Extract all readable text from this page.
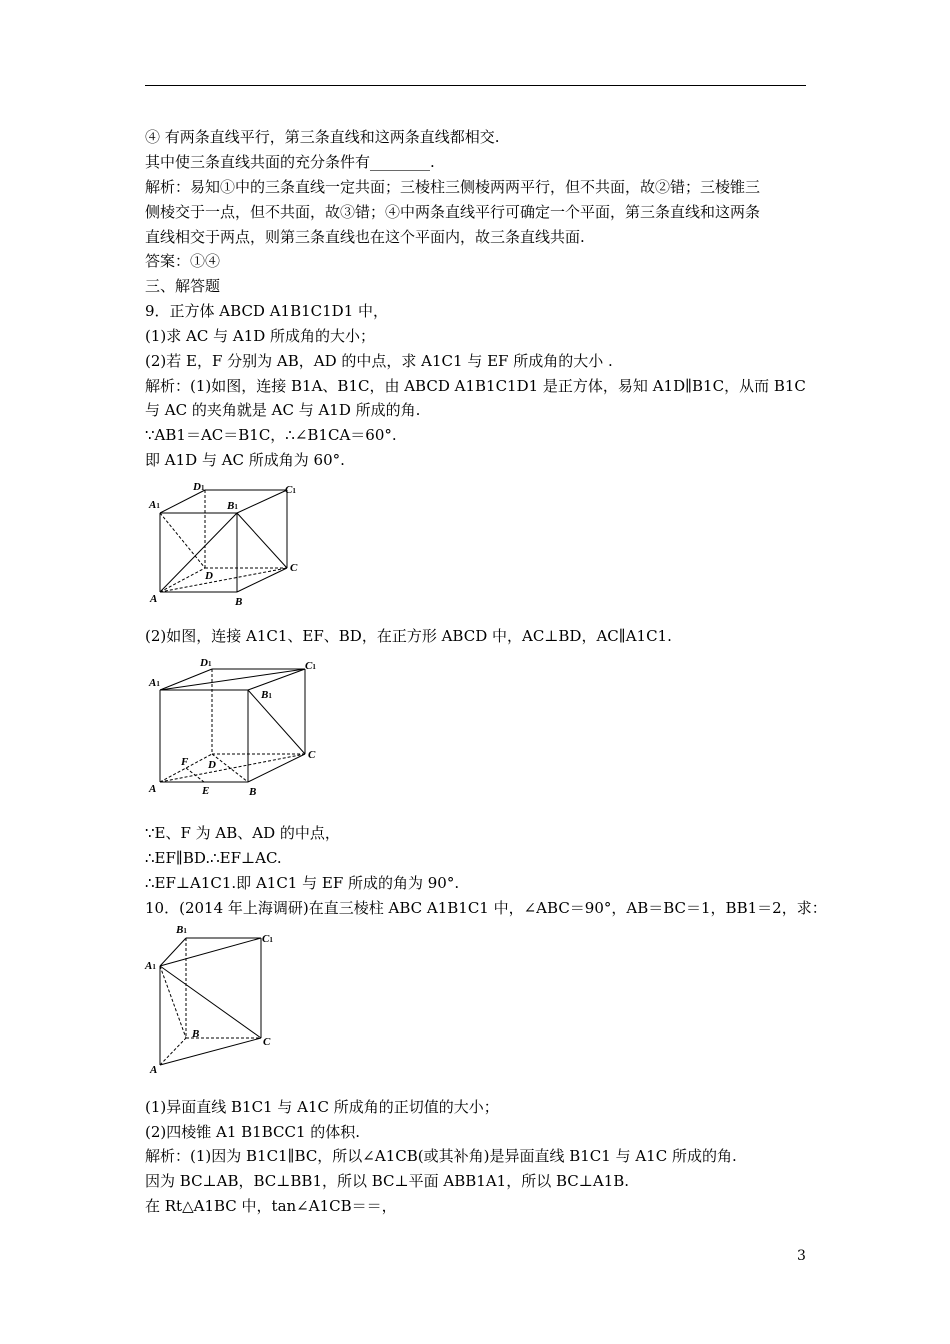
④ 有两条直线平行，第三条直线和这两条直线都相交.
其中使三条直线共面的充分条件有________.
解析：易知①中的三条直线一定共面；三棱柱三侧棱两两平行，但不共面，故②错；三棱锥三
侧棱交于一点，但不共面，故③错；④中两条直线平行可确定一个平面，第三条直线和这两条
直线相交于两点，则第三条直线也在这个平面内，故三条直线共面.
答案：①④
三、解答题
9．正方体 ABCD A1B1C1D1 中，
(1)求 AC 与 A1D 所成角的大小；
(2)若 E，F 分别为 AB，AD 的中点，求 A1C1 与 EF 所成角的大小 .
解析：(1)如图，连接 B1A、B1C，由 ABCD A1B1C1D1 是正方体，易知 A1D∥B1C，从而 B1C
与 AC 的夹角就是 AC 与 A1D 所成的角.
∵AB1＝AC＝B1C，∴∠B1CA＝60°.
即 A1D 与 AC 所成角为 60°.
A1
D1	C1
B1
D
C
A	B
(2)如图，连接 A1C1、EF、BD，在正方形 ABCD 中，AC⊥BD，AC∥A1C1.
A1
D1	C1
B1
D
F
C
A	E	B
∵E、F 为 AB、AD 的中点，
∴EF∥BD.∴EF⊥AC.
∴EF⊥A1C1.即 A1C1 与 EF 所成的角为 90°.
10．(2014 年上海调研)在直三棱柱 ABC A1B1C1 中，∠ABC＝90°，AB＝BC＝1，BB1＝2，求：
B1
C1
A1
B
C
A
(1)异面直线 B1C1 与 A1C 所成角的正切值的大小；
(2)四棱锥 A1 B1BCC1 的体积.
解析：(1)因为 B1C1∥BC，所以∠A1CB(或其补角)是异面直线 B1C1 与 A1C 所成的角.
因为 BC⊥AB，BC⊥BB1，所以 BC⊥平面 ABB1A1，所以 BC⊥A1B.
在 Rt△A1BC 中，tan∠A1CB＝＝，
3
